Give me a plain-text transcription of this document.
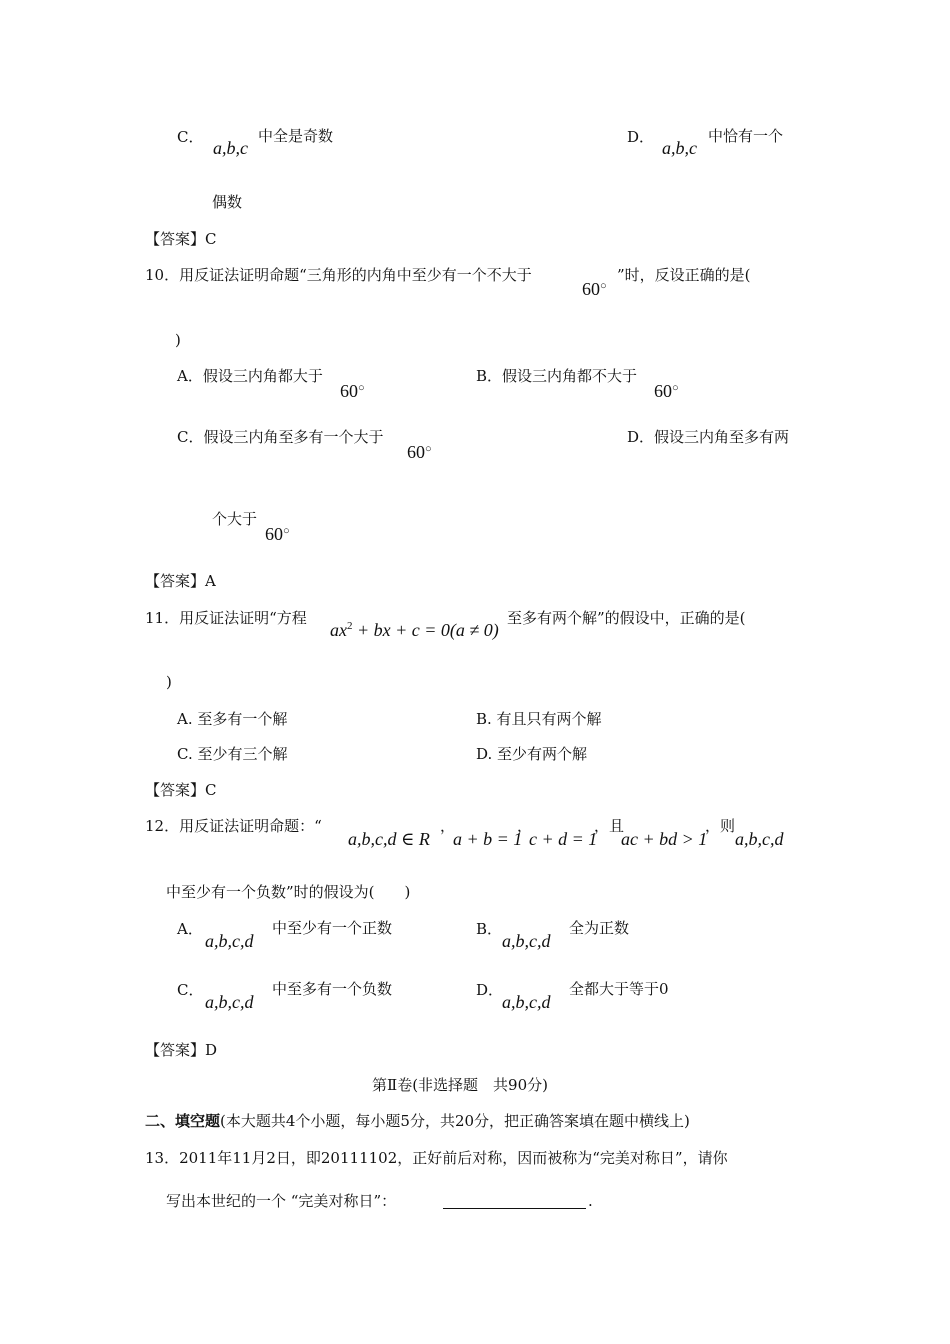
C．
a,b,c
中全是奇数	D．
a,b,c
中恰有一个
偶数
【答案】C
10．用反证法证明命题“三角形的内角中至少有一个不大于
60○
”时，反设正确的是(
)
A．假设三内角都大于
60○
B．假设三内角都不大于
60○
C．假设三内角至多有一个大于
60○
D．假设三内角至多有两
个大于
60○
【答案】A
11．用反证法证明“方程
$ax^2$ + bx + c = 0(a ≠ 0)
至多有两个解”的假设中，正确的是(
)
A. 至多有一个解	B. 有且只有两个解
C. 至少有三个解	D. 至少有两个解
【答案】C
12．用反证法证明命题：“
a,b,c,d ∈ R
，
a + b = 1
，
c + d = 1
，且
ac + bd > 1
，则
a,b,c,d
中至少有一个负数”时的假设为(　　)
A．
a,b,c,d
中至少有一个正数	B．
a,b,c,d
全为正数
C．
a,b,c,d
中至多有一个负数	D．
a,b,c,d
全都大于等于0
【答案】D
第Ⅱ卷(非选择题　共90分)
二、填空题(本大题共4个小题，每小题5分，共20分，把正确答案填在题中横线上)
13．2011年11月2日，即20111102，正好前后对称，因而被称为“完美对称日”，请你
写出本世纪的一个 “完美对称日”：	.
